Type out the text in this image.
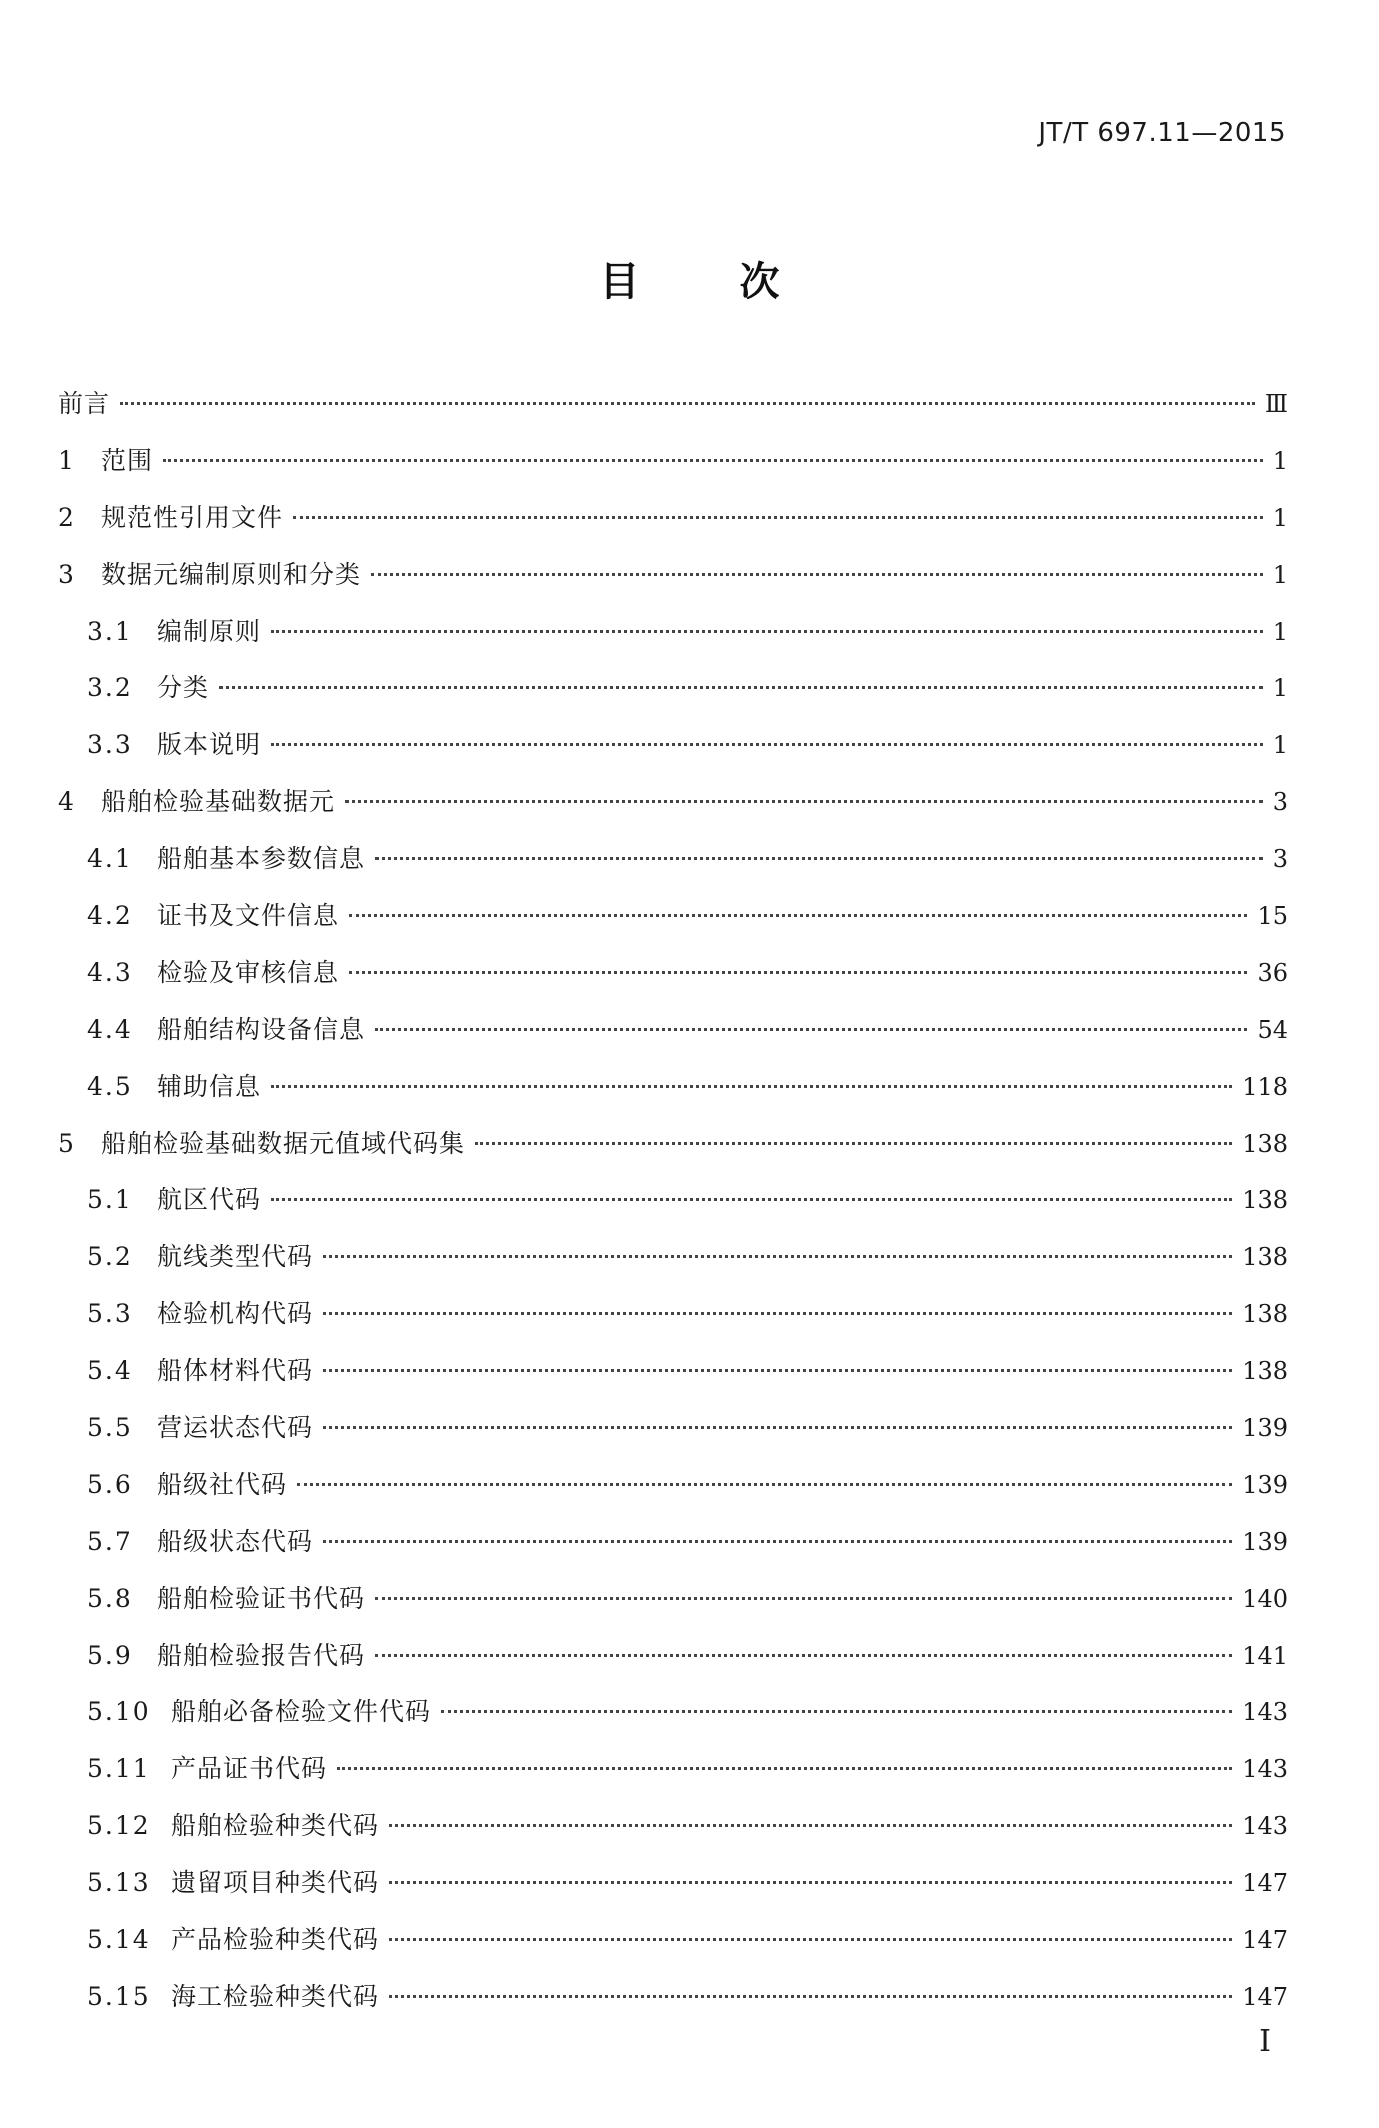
JT/T 697.11—2015
目	次
前言	Ⅲ
1	范围	1
2	规范性引用文件	1
3	数据元编制原则和分类	1
3.1 编制原则	1
3.2 分类	1
3.3 版本说明	1
4	船舶检验基础数据元	3
4.1 船舶基本参数信息	3
4.2 证书及文件信息	15
4.3 检验及审核信息	36
4.4 船舶结构设备信息	54
4.5 辅助信息	118
5	船舶检验基础数据元值域代码集	138
5.1 航区代码	138
5.2 航线类型代码	138
5.3 检验机构代码	138
5.4 船体材料代码	138
5.5 营运状态代码	139
5.6 船级社代码	139
5.7 船级状态代码	139
5.8 船舶检验证书代码	140
5.9 船舶检验报告代码	141
5.10 船舶必备检验文件代码	143
5.11 产品证书代码	143
5.12 船舶检验种类代码	143
5.13 遗留项目种类代码	147
5.14 产品检验种类代码	147
5.15 海工检验种类代码	147
I
